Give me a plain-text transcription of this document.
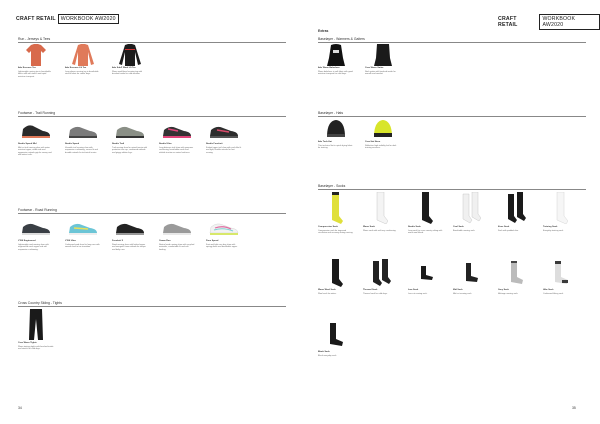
CRAFT RETAIL WORKBOOK AW2020
Run - Jerseys & Tees
Adv Essence Tee
Lightweight running tee in breathable fabric with soft stretch and rapid moisture transport.
Adv Essence LS Tee
Long sleeve running top in breathable stretch fabric for cooler days.
Adv SubZ Wool LS Tee
Warm wool blend running top with brushed inside for cold weather.
Footwear - Trail Running
Nordic Speed Mid
Mid cut trail running shoe with water resistant upper, stable ride and aggressive outsole grip for snowy and wet winter trails.
Nordic Speed
Versatile trail running shoe with responsive cushioning, secure fit and durable outsole for technical terrain.
Nordic Trail
Trail running shoe for mixed terrain with protective toe cap, cushioned midsole and grippy rubber lugs.
Nordic Ultra
Long distance trail shoe with generous cushioning, breathable mesh and reliable traction on varied surfaces.
Nordic Fuseknit
Knitted upper trail shoe with sock-like fit and light, flexible outsole for fast running.
Footwear - Road Running
V150 Engineered
Lightweight road running shoe with engineered mesh upper and soft responsive cushioning.
V150 Ultra
Cushioned road shoe for long runs with smooth heel to toe transition.
Fuseknit X
Road running shoe with knitted upper and energetic foam midsole for tempo and daily runs.
Ocean Run
Neutral road running shoe with recycled materials, comfortable fit and soft landing.
Pace Speed
Fast and light race day shoe with springy foam and breathable upper.
Cross Country Skiing - Tights
Core Warm Tights
Warm training tights with brushed inside and stretch for cold days.
34
CRAFT RETAIL
WORKBOOK AW2020
Extras
Baselayer - Warmers & Gaiters
Adv Warm Balaclava
Warm balaclava in soft fabric with good moisture transport for cold days.
Core Warm Gaiter
Neck gaiter with brushed inside for warmth and comfort.
Baselayer - Hats
Adv Tech Hat
Thin technical hat in quick drying fabric for training.
Core Hat Neon
Reflective high visibility hat for dark training sessions.
Baselayer - Socks
Compression Sock
Compression sock for improved circulation and recovery during running.
Warm Sock
Warm sock with soft terry cushioning.
Nordic Sock
Long sock for cross country skiing with warm wool blend.
Cool Sock
Breathable running sock.
Knee Sock
Sock with padded shin.
Training Sock
Everyday training sock.
Warm Wool Sock
Wool sock for winter.
Thermal Sock
Thermal sock for cold days.
Low Sock
Low cut running sock.
Mid Sock
Mid cut running sock.
Grey Sock
Melange running sock.
Hike Sock
Cushioned hiking sock.
Black Sock
Black everyday sock.
35
